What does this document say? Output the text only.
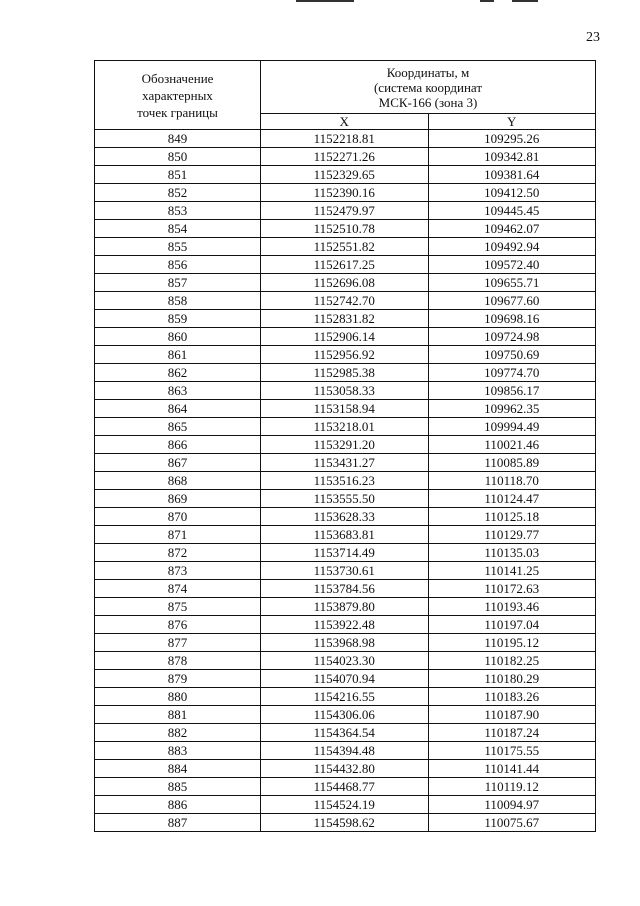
23
Обозначение
характерных
точек границы	Координаты, м
(система координат
МСК-166 (зона 3)	

	X	Y
849	1152218.81	109295.26
850	1152271.26	109342.81
851	1152329.65	109381.64
852	1152390.16	109412.50
853	1152479.97	109445.45
854	1152510.78	109462.07
855	1152551.82	109492.94
856	1152617.25	109572.40
857	1152696.08	109655.71
858	1152742.70	109677.60
859	1152831.82	109698.16
860	1152906.14	109724.98
861	1152956.92	109750.69
862	1152985.38	109774.70
863	1153058.33	109856.17
864	1153158.94	109962.35
865	1153218.01	109994.49
866	1153291.20	110021.46
867	1153431.27	110085.89
868	1153516.23	110118.70
869	1153555.50	110124.47
870	1153628.33	110125.18
871	1153683.81	110129.77
872	1153714.49	110135.03
873	1153730.61	110141.25
874	1153784.56	110172.63
875	1153879.80	110193.46
876	1153922.48	110197.04
877	1153968.98	110195.12
878	1154023.30	110182.25
879	1154070.94	110180.29
880	1154216.55	110183.26
881	1154306.06	110187.90
882	1154364.54	110187.24
883	1154394.48	110175.55
884	1154432.80	110141.44
885	1154468.77	110119.12
886	1154524.19	110094.97
887	1154598.62	110075.67
